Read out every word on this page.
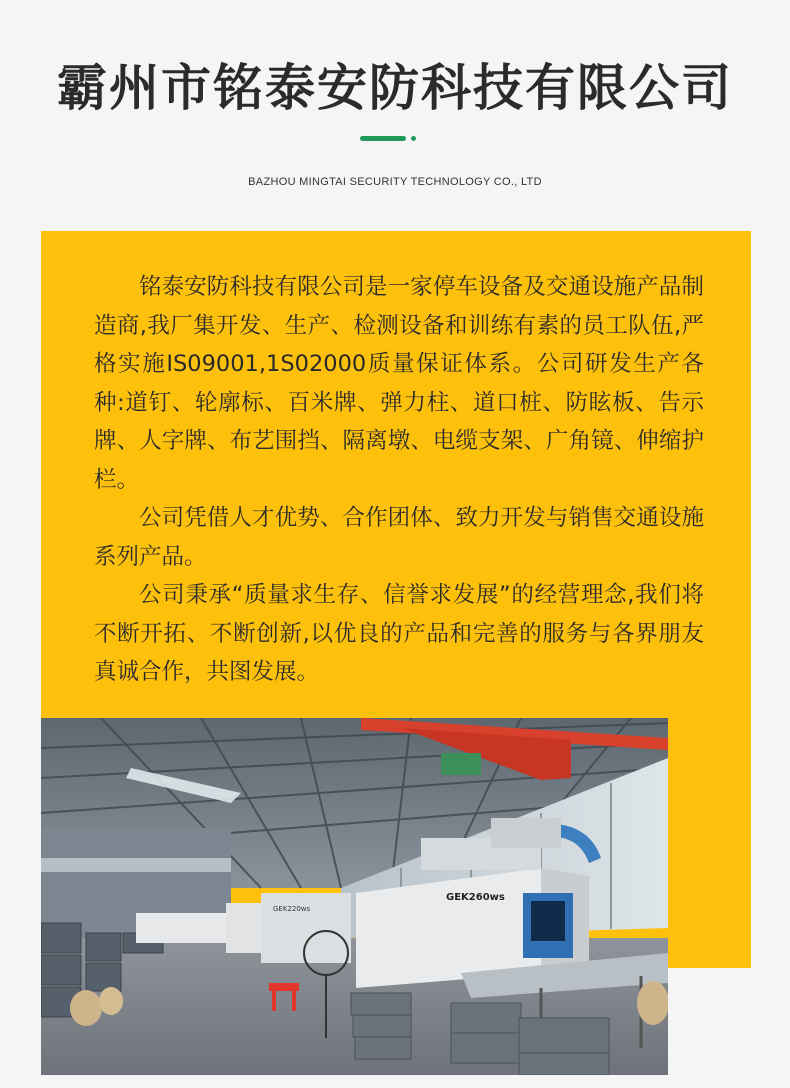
霸州市铭泰安防科技有限公司
BAZHOU MINGTAI SECURITY TECHNOLOGY CO., LTD

铭泰安防科技有限公司是一家停车设备及交通设施产品制造商,我厂集开发、生产、检测设备和训练有素的员工队伍,严格实施IS09001,1S02000质量保证体系。公司研发生产各种:道钉、轮廓标、百米牌、弹力柱、道口桩、防眩板、告示牌、人字牌、布艺围挡、隔离墩、电缆支架、广角镜、伸缩护栏。

公司凭借人才优势、合作团体、致力开发与销售交通设施系列产品。

公司秉承“质量求生存、信誉求发展”的经营理念,我们将不断开拓、不断创新,以优良的产品和完善的服务与各界朋友真诚合作，共图发展。

GEK220ws
GEK260ws
